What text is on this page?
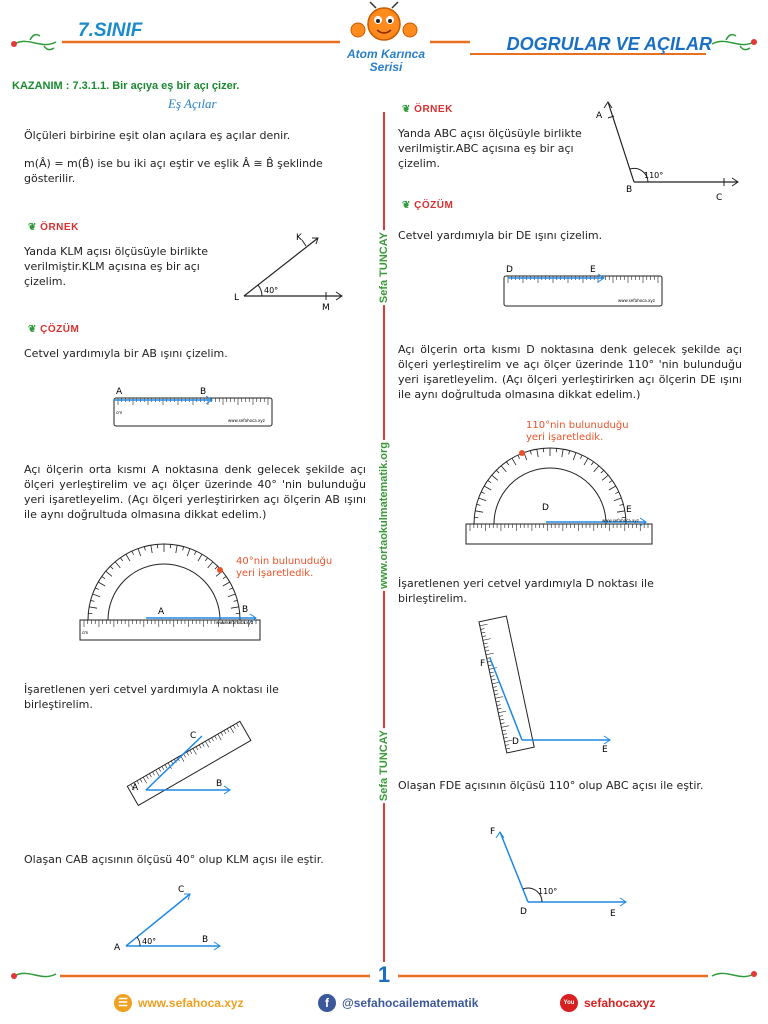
7.SINIF
Atom Karınca
Serisi
DOGRULAR VE AÇILAR
KAZANIM : 7.3.1.1. Bir açıya eş bir açı çizer.
Eş Açılar
Sefa TUNCAY
www.ortaokulmatematik.org
Sefa TUNCAY
Ölçüleri birbirine eşit olan açılara eş açılar denir.
m(Â) = m(B̂) ise bu iki açı eştir ve eşlik Â ≅ B̂ şeklinde gösterilir.
❦ ÖRNEK
Yanda KLM açısı ölçüsüyle birlikte verilmiştir.KLM açısına eş bir açı çizelim.
40°
K
L
M
❦ ÇÖZÜM
Cetvel yardımıyla bir AB ışını çizelim.
A	B
cm
www.sefahoca.xyz
Açı ölçerin orta kısmı A noktasına denk gelecek şekilde açı ölçeri yerleştirelim ve açı ölçer üzerinde 40° 'nin bulunduğu yeri işaretleyelim. (Açı ölçeri yerleştirirken açı ölçerin AB ışını ile aynı doğrultuda olmasına dikkat edelim.)
A	B
cm
www.sefahoca.xyz
40°nin bulunuduğu yeri işaretledik.
İşaretlenen yeri cetvel yardımıyla A noktası ile birleştirelim.
A	B
C
Olaşan CAB açısının ölçüsü 40° olup KLM açısı ile eştir.
40°
A
B
C
❦ ÖRNEK
Yanda ABC açısı ölçüsüyle birlikte verilmiştir.ABC açısına eş bir açı çizelim.
110°
A
B
C
❦ ÇÖZÜM
Cetvel yardımıyla bir DE ışını çizelim.
D	E
www.sefahoca.xyz
Açı ölçerin orta kısmı D noktasına denk gelecek şekilde açı ölçeri yerleştirelim ve açı ölçer üzerinde 110° 'nin bulunduğu yeri işaretleyelim. (Açı ölçeri yerleştirirken açı ölçerin DE ışını ile aynı doğrultuda olmasına dikkat edelim.)
D	E
www.sefahoca.xyz
110°nin bulunuduğu yeri işaretledik.
İşaretlenen yeri cetvel yardımıyla D noktası ile birleştirelim.
D
E
F
Olaşan FDE açısının ölçüsü 110° olup ABC açısı ile eştir.
110°
F
D	E
1
☰ www.sefahoca.xyz	f	@sefahocailematematik	You sefahocaxyz
